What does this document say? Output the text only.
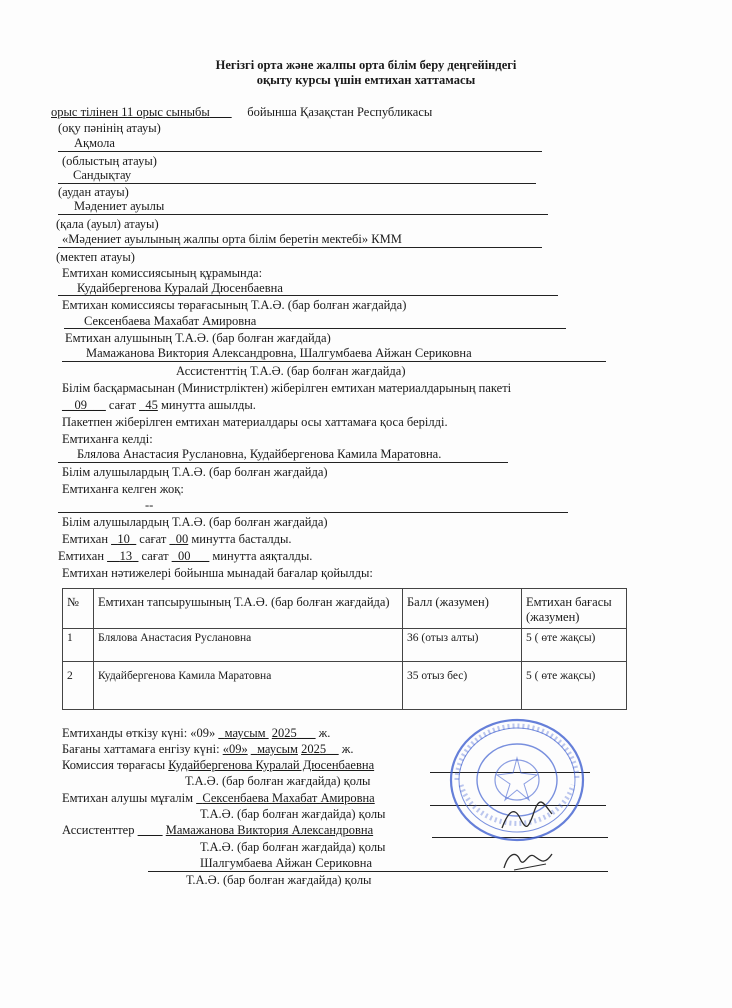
Негізгі орта және жалпы орта білім беру деңгейіндегі
оқыту курсы үшін емтихан хаттамасы
орыс тілінен 11 орыс сыныбы	бойынша Қазақстан Республикасы
(оқу пәнінің атауы)
Ақмола
(облыстың атауы)
Сандықтау
(аудан атауы)
Мәдениет ауылы
(қала (ауыл) атауы)
«Мәдениет ауылының жалпы орта білім беретін мектебі» КММ
(мектеп атауы)
Емтихан комиссиясының құрамында:
Кудайбергенова Куралай Дюсенбаевна
Емтихан комиссиясы төрағасының Т.А.Ә. (бар болған жағдайда)
Сексенбаева Махабат Амировна
Емтихан алушының Т.А.Ә. (бар болған жағдайда)
Мамажанова Виктория Александровна, Шалгумбаева Айжан Сериковна
Ассистенттің Т.А.Ә. (бар болған жағдайда)
Білім басқармасынан (Министрліктен) жіберілген емтихан материалдарының пакеті
__09___ сағат _45 минутта ашылды.
Пакетпен жіберілген емтихан материалдары осы хаттамаға қоса берілді.
Емтиханға келді:
Блялова Анастасия Руслановна, Кудайбергенова Камила Маратовна.
Білім алушылардың Т.А.Ә. (бар болған жағдайда)
Емтиханға келген жоқ:
--
Білім алушылардың Т.А.Ә. (бар болған жағдайда)
Емтихан _10_ сағат _00 минутта басталды.
Емтихан __13_ сағат _00___ минутта аяқталды.
Емтихан нәтижелері бойынша мынадай бағалар қойылды:
№	Емтихан тапсырушының Т.А.Ә. (бар болған жағдайда)	Балл (жазумен)	Емтихан бағасы (жазумен)
1	Блялова Анастасия Руслановна	36 (отыз алты)	5 ( өте жақсы)
2	Кудайбергенова Камила Маратовна	35 отыз бес)	5 ( өте жақсы)
Емтиханды өткізу күні: «09» _маусым 2025___ ж.
Бағаны хаттамаға енгізу күні: «09» _маусым 2025__ ж.
Комиссия төрағасы Кудайбергенова Куралай Дюсенбаевна
Т.А.Ә. (бар болған жағдайда) қолы
Емтихан алушы мұғалім Сексенбаева Махабат Амировна
Т.А.Ә. (бар болған жағдайда) қолы
Ассистенттер	Мамажанова Виктория Александровна
Т.А.Ә. (бар болған жағдайда) қолы
Шалгумбаева Айжан Сериковна
Т.А.Ә. (бар болған жағдайда) қолы
